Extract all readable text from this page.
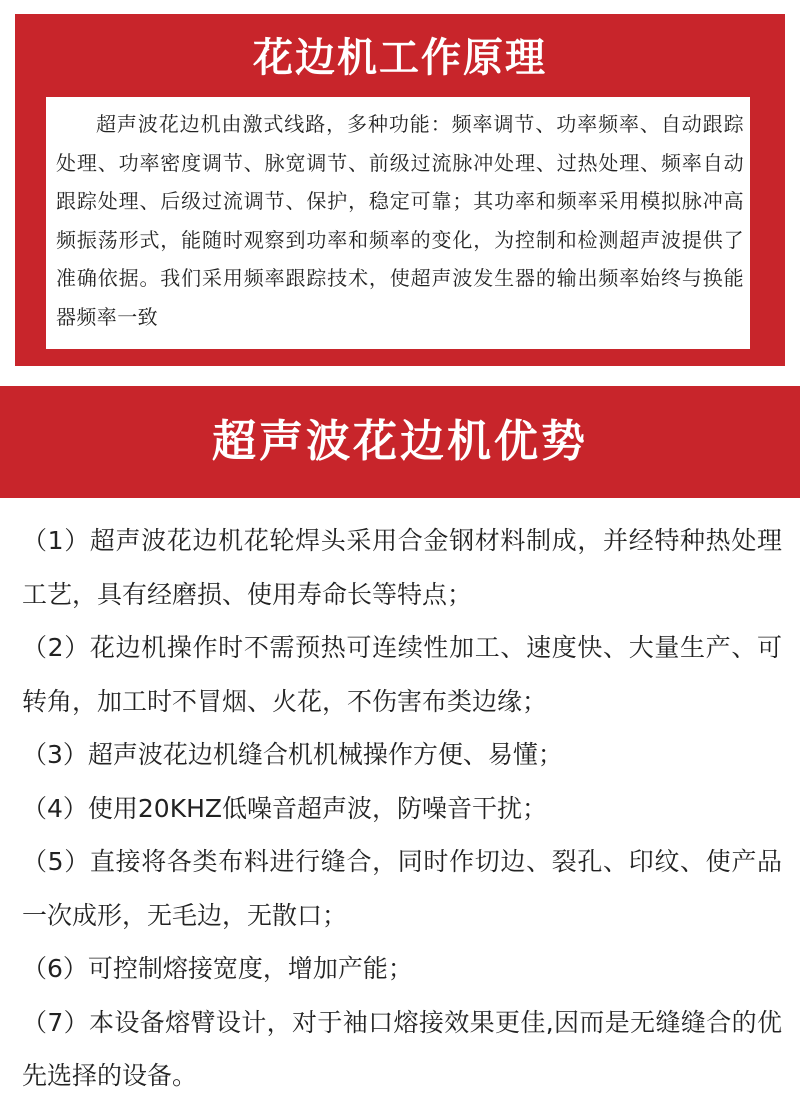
花边机工作原理

超声波花边机由激式线路，多种功能：频率调节、功率频率、自动跟踪处理、功率密度调节、脉宽调节、前级过流脉冲处理、过热处理、频率自动跟踪处理、后级过流调节、保护，稳定可靠；其功率和频率采用模拟脉冲高频振荡形式，能随时观察到功率和频率的变化，为控制和检测超声波提供了准确依据。我们采用频率跟踪技术，使超声波发生器的输出频率始终与换能器频率一致

超声波花边机优势

（1）超声波花边机花轮焊头采用合金钢材料制成，并经特种热处理工艺，具有经磨损、使用寿命长等特点；

（2）花边机操作时不需预热可连续性加工、速度快、大量生产、可转角，加工时不冒烟、火花，不伤害布类边缘；

（3）超声波花边机缝合机机械操作方便、易懂；

（4）使用20KHZ低噪音超声波，防噪音干扰；

（5）直接将各类布料进行缝合，同时作切边、裂孔、印纹、使产品一次成形，无毛边，无散口；

（6）可控制熔接宽度，增加产能；

（7）本设备熔臂设计，对于袖口熔接效果更佳,因而是无缝缝合的优先选择的设备。
